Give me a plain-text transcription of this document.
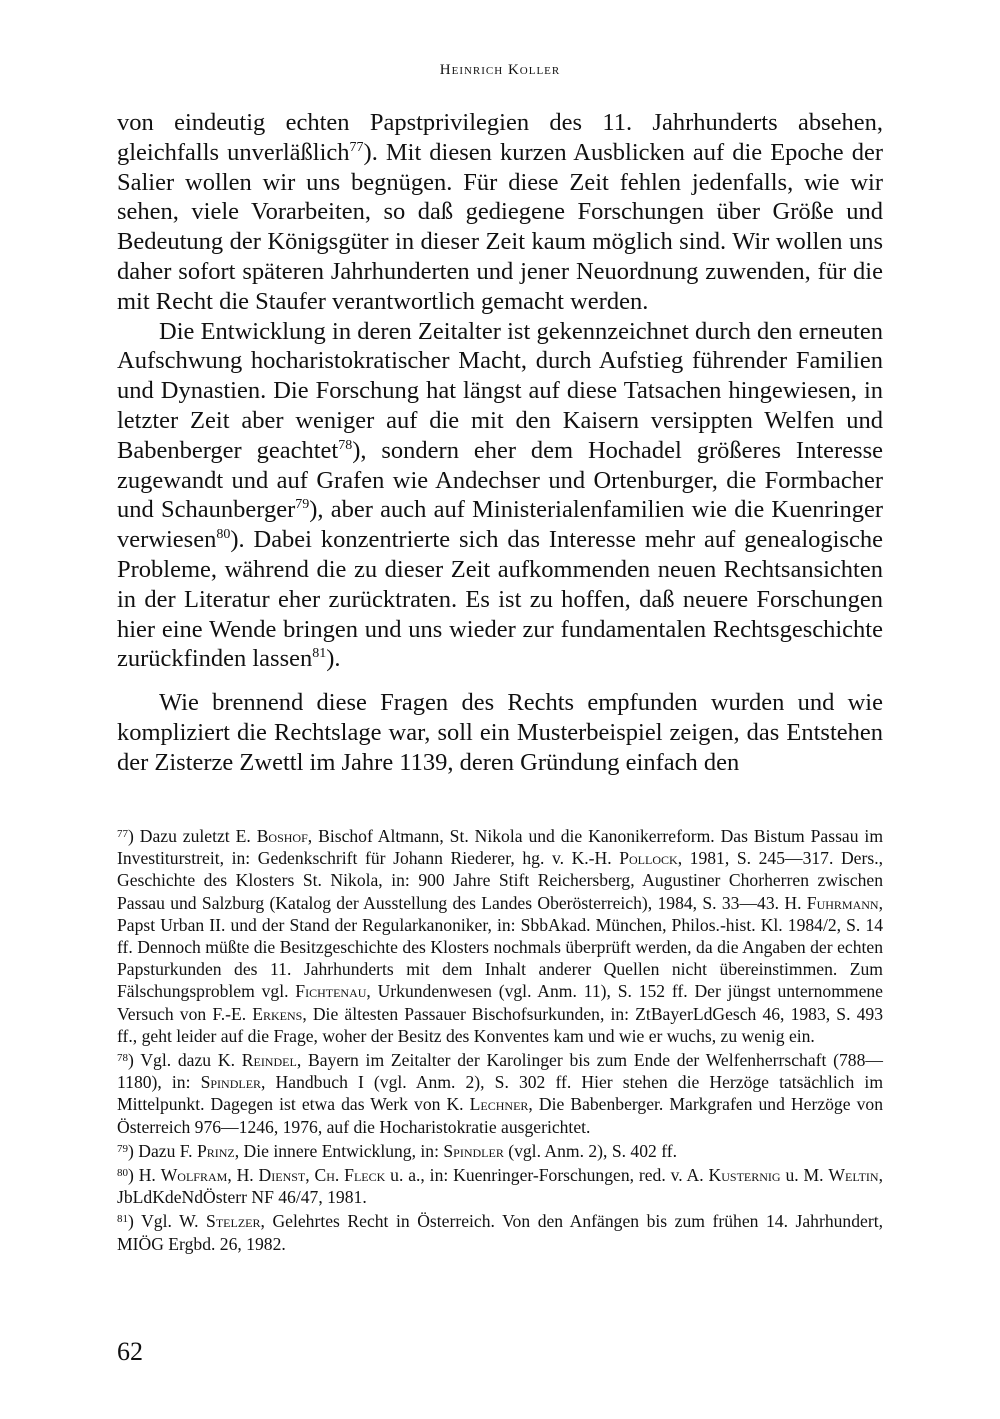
Heinrich Koller

von eindeutig echten Papstprivilegien des 11. Jahrhunderts absehen, gleichfalls unverläßlich$^{77}$). Mit diesen kurzen Ausblicken auf die Epoche der Salier wollen wir uns begnügen. Für diese Zeit fehlen jedenfalls, wie wir sehen, viele Vorarbeiten, so daß gediegene Forschungen über Größe und Bedeutung der Königsgüter in dieser Zeit kaum möglich sind. Wir wollen uns daher sofort späteren Jahrhunderten und jener Neuordnung zuwenden, für die mit Recht die Staufer verantwortlich gemacht werden.

Die Entwicklung in deren Zeitalter ist gekennzeichnet durch den erneuten Aufschwung hocharistokratischer Macht, durch Aufstieg führender Familien und Dynastien. Die Forschung hat längst auf diese Tatsachen hingewiesen, in letzter Zeit aber weniger auf die mit den Kaisern versippten Welfen und Babenberger geachtet$^{78}$), sondern eher dem Hochadel größeres Interesse zugewandt und auf Grafen wie Andechser und Ortenburger, die Formbacher und Schaunberger$^{79}$), aber auch auf Ministerialenfamilien wie die Kuenringer verwiesen$^{80}$). Dabei konzentrierte sich das Interesse mehr auf genealogische Probleme, während die zu dieser Zeit aufkommenden neuen Rechtsansichten in der Literatur eher zurücktraten. Es ist zu hoffen, daß neuere Forschungen hier eine Wende bringen und uns wieder zur fundamentalen Rechtsgeschichte zurückfinden lassen$^{81}$).

Wie brennend diese Fragen des Rechts empfunden wurden und wie kompliziert die Rechtslage war, soll ein Musterbeispiel zeigen, das Entstehen der Zisterze Zwettl im Jahre 1139, deren Gründung einfach den

$^{77}$) Dazu zuletzt E. Boshof, Bischof Altmann, St. Nikola und die Kanonikerreform. Das Bistum Passau im Investiturstreit, in: Gedenkschrift für Johann Riederer, hg. v. K.-H. Pollock, 1981, S. 245—317. Ders., Geschichte des Klosters St. Nikola, in: 900 Jahre Stift Reichersberg, Augustiner Chorherren zwischen Passau und Salzburg (Katalog der Ausstellung des Landes Oberösterreich), 1984, S. 33—43. H. Fuhrmann, Papst Urban II. und der Stand der Regularkanoniker, in: SbbAkad. München, Philos.-hist. Kl. 1984/2, S. 14 ff. Dennoch müßte die Besitzgeschichte des Klosters nochmals überprüft werden, da die Angaben der echten Papsturkunden des 11. Jahrhunderts mit dem Inhalt anderer Quellen nicht übereinstimmen. Zum Fälschungsproblem vgl. Fichtenau, Urkundenwesen (vgl. Anm. 11), S. 152 ff. Der jüngst unternommene Versuch von F.-E. Erkens, Die ältesten Passauer Bischofsurkunden, in: ZtBayerLdGesch 46, 1983, S. 493 ff., geht leider auf die Frage, woher der Besitz des Konventes kam und wie er wuchs, zu wenig ein.

$^{78}$) Vgl. dazu K. Reindel, Bayern im Zeitalter der Karolinger bis zum Ende der Welfenherrschaft (788—1180), in: Spindler, Handbuch I (vgl. Anm. 2), S. 302 ff. Hier stehen die Herzöge tatsächlich im Mittelpunkt. Dagegen ist etwa das Werk von K. Lechner, Die Babenberger. Markgrafen und Herzöge von Österreich 976—1246, 1976, auf die Hocharistokratie ausgerichtet.

$^{79}$) Dazu F. Prinz, Die innere Entwicklung, in: Spindler (vgl. Anm. 2), S. 402 ff.

$^{80}$) H. Wolfram, H. Dienst, Ch. Fleck u. a., in: Kuenringer-Forschungen, red. v. A. Kusternig u. M. Weltin, JbLdKdeNdÖsterr NF 46/47, 1981.

$^{81}$) Vgl. W. Stelzer, Gelehrtes Recht in Österreich. Von den Anfängen bis zum frühen 14. Jahrhundert, MIÖG Ergbd. 26, 1982.

62
